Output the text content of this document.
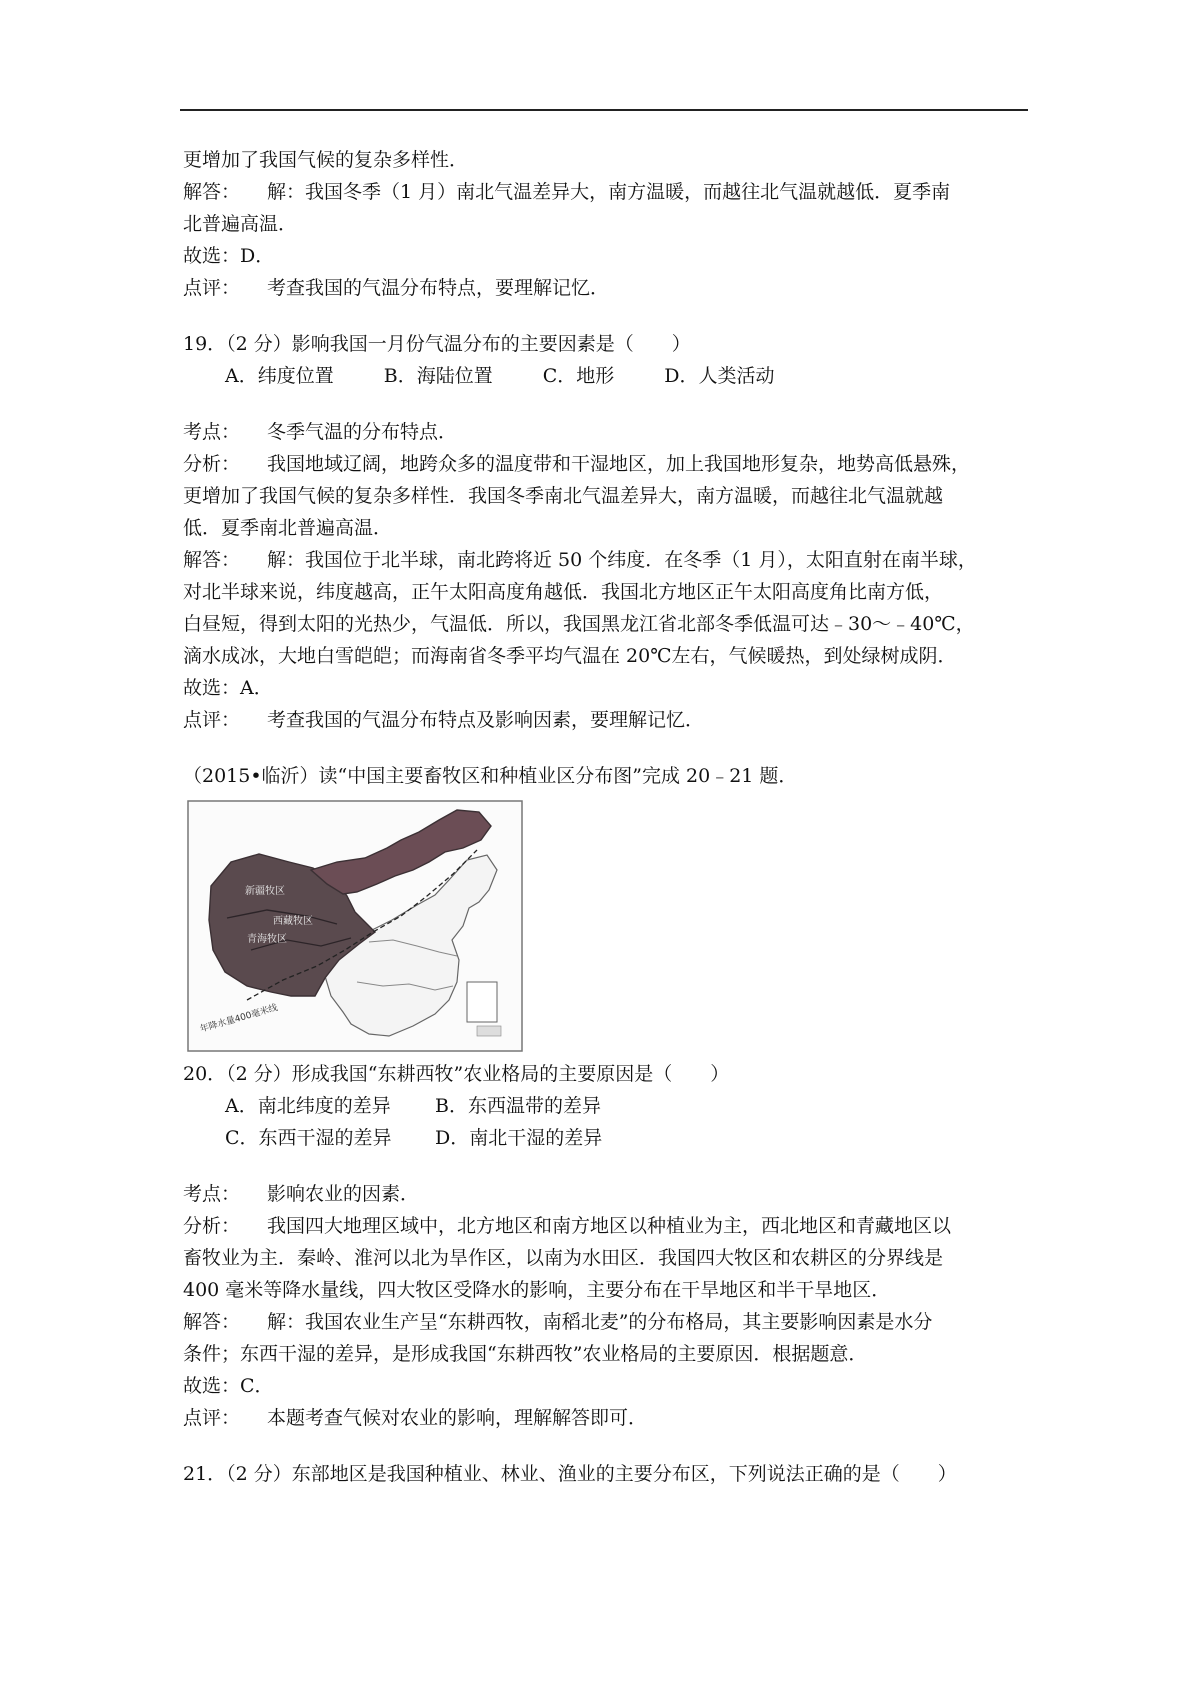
更增加了我国气候的复杂多样性．
解答： 解：我国冬季（1 月）南北气温差异大，南方温暖，而越往北气温就越低．夏季南
北普遍高温．
故选：D．
点评： 考查我国的气温分布特点，要理解记忆．
19．（2 分）影响我国一月份气温分布的主要因素是（　　）
A．纬度位置	B．海陆位置	C．地形	D．人类活动
考点： 冬季气温的分布特点．
分析： 我国地域辽阔，地跨众多的温度带和干湿地区，加上我国地形复杂，地势高低悬殊，
更增加了我国气候的复杂多样性．我国冬季南北气温差异大，南方温暖，而越往北气温就越
低．夏季南北普遍高温．
解答： 解：我国位于北半球，南北跨将近 50 个纬度．在冬季（1 月），太阳直射在南半球，
对北半球来说，纬度越高，正午太阳高度角越低．我国北方地区正午太阳高度角比南方低，
白昼短，得到太阳的光热少，气温低．所以，我国黑龙江省北部冬季低温可达﹣30～﹣40℃，
滴水成冰，大地白雪皑皑；而海南省冬季平均气温在 20℃左右，气候暖热，到处绿树成阴．
故选：A．
点评： 考查我国的气温分布特点及影响因素，要理解记忆．
（2015•临沂）读“中国主要畜牧区和种植业区分布图”完成 20﹣21 题．
新疆牧区
青海牧区
西藏牧区
年降水量400毫米线
20．（2 分）形成我国“东耕西牧”农业格局的主要原因是（　　）
A．南北纬度的差异 B．东西温带的差异
C．东西干湿的差异 D．南北干湿的差异
考点： 影响农业的因素．
分析： 我国四大地理区域中，北方地区和南方地区以种植业为主，西北地区和青藏地区以
畜牧业为主．秦岭、淮河以北为旱作区，以南为水田区．我国四大牧区和农耕区的分界线是
400 毫米等降水量线，四大牧区受降水的影响，主要分布在干旱地区和半干旱地区．
解答： 解：我国农业生产呈“东耕西牧，南稻北麦”的分布格局，其主要影响因素是水分
条件；东西干湿的差异，是形成我国“东耕西牧”农业格局的主要原因．根据题意．
故选：C．
点评： 本题考查气候对农业的影响，理解解答即可．
21．（2 分）东部地区是我国种植业、林业、渔业的主要分布区，下列说法正确的是（　　）
